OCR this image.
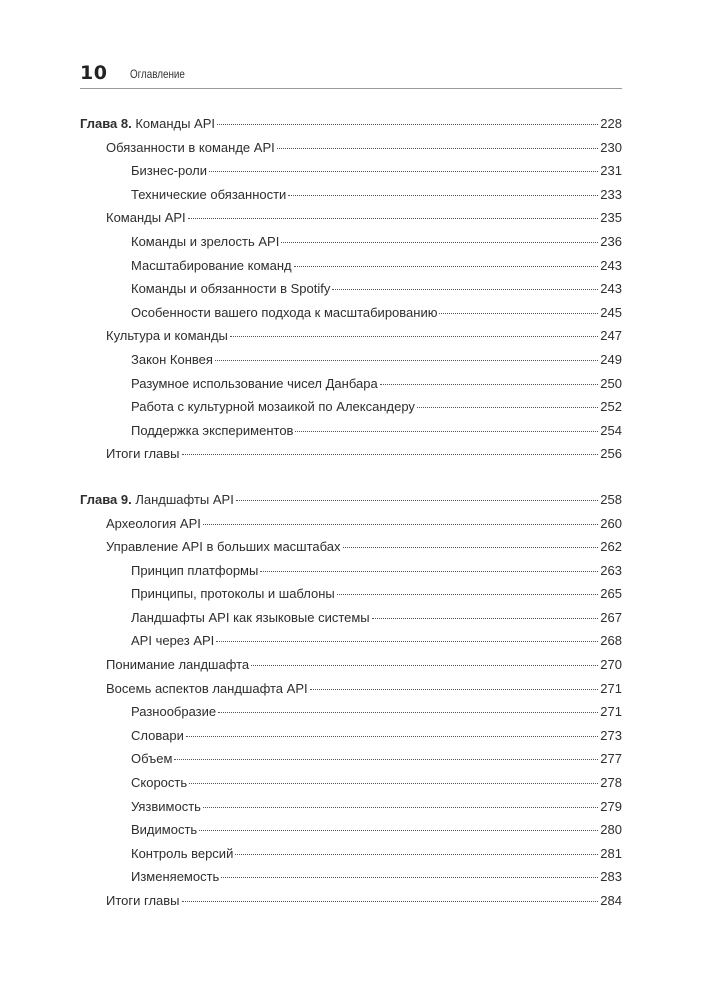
10 Оглавление
Глава 8. Команды API	228
Обязанности в команде API	230
Бизнес-роли	231
Технические обязанности	233
Команды API	235
Команды и зрелость API	236
Масштабирование команд	243
Команды и обязанности в Spotify	243
Особенности вашего подхода к масштабированию	245
Культура и команды	247
Закон Конвея	249
Разумное использование чисел Данбара	250
Работа с культурной мозаикой по Александеру	252
Поддержка экспериментов	254
Итоги главы	256
Глава 9. Ландшафты API	258
Археология API	260
Управление API в больших масштабах	262
Принцип платформы	263
Принципы, протоколы и шаблоны	265
Ландшафты API как языковые системы	267
API через API	268
Понимание ландшафта	270
Восемь аспектов ландшафта API	271
Разнообразие	271
Словари	273
Объем	277
Скорость	278
Уязвимость	279
Видимость	280
Контроль версий	281
Изменяемость	283
Итоги главы	284
